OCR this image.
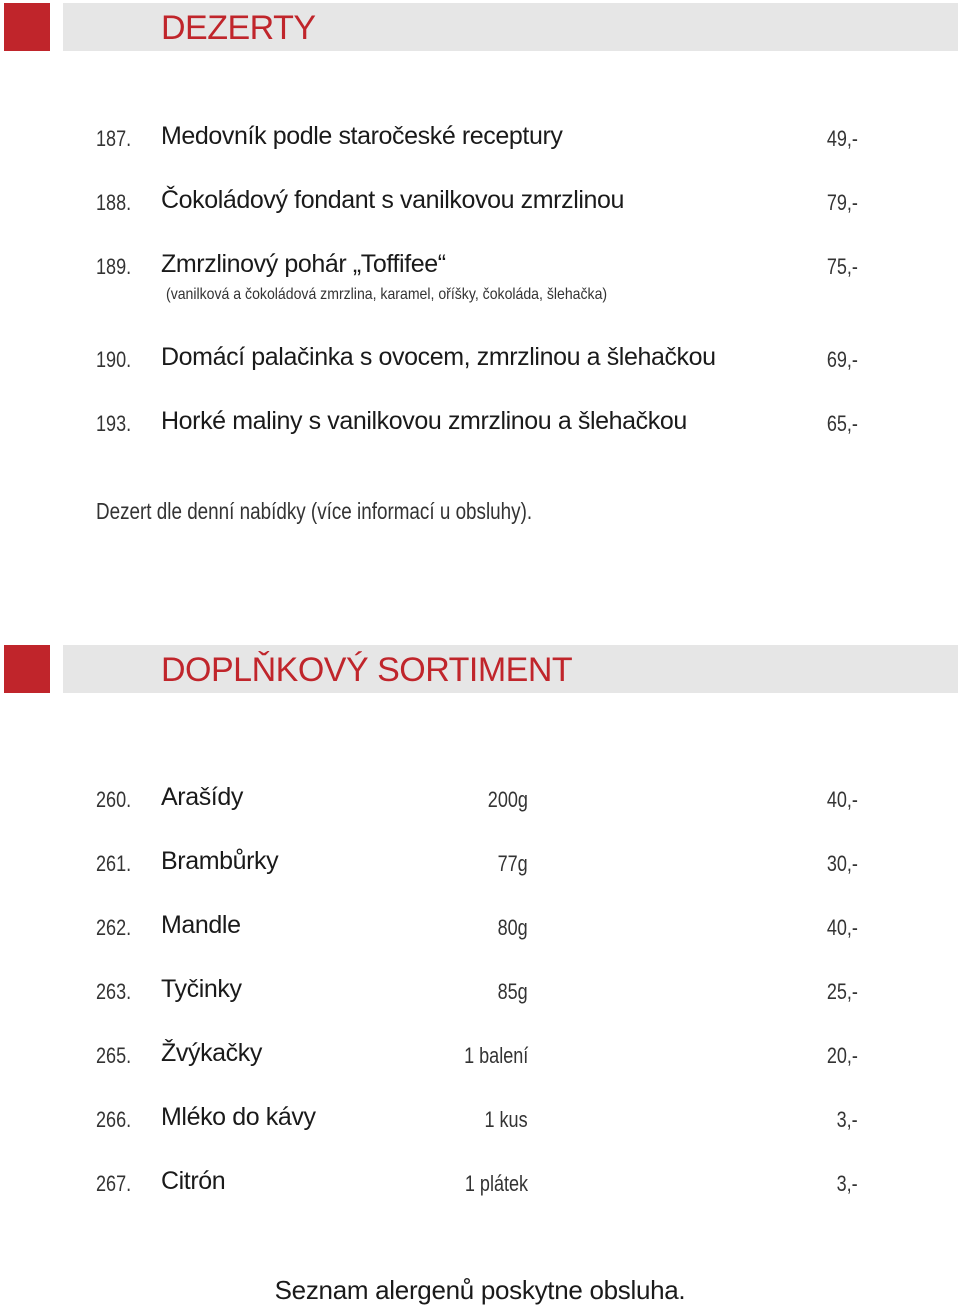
DEZERTY
187. Medovník podle staročeské receptury	49,-
188. Čokoládový fondant s vanilkovou zmrzlinou	79,-
189. Zmrzlinový pohár „Toffifee“	75,-
(vanilková a čokoládová zmrzlina, karamel, oříšky, čokoláda, šlehačka)
190. Domácí palačinka s ovocem, zmrzlinou a šlehačkou	69,-
193. Horké maliny s vanilkovou zmrzlinou a šlehačkou	65,-
Dezert dle denní nabídky (více informací u obsluhy).
DOPLŇKOVÝ SORTIMENT
260. Arašídy	200g	40,-
261. Brambůrky	77g	30,-
262. Mandle	80g	40,-
263. Tyčinky	85g	25,-
265. Žvýkačky	1 balení	20,-
266. Mléko do kávy	1 kus	3,-
267. Citrón	1 plátek	3,-
Seznam alergenů poskytne obsluha.
